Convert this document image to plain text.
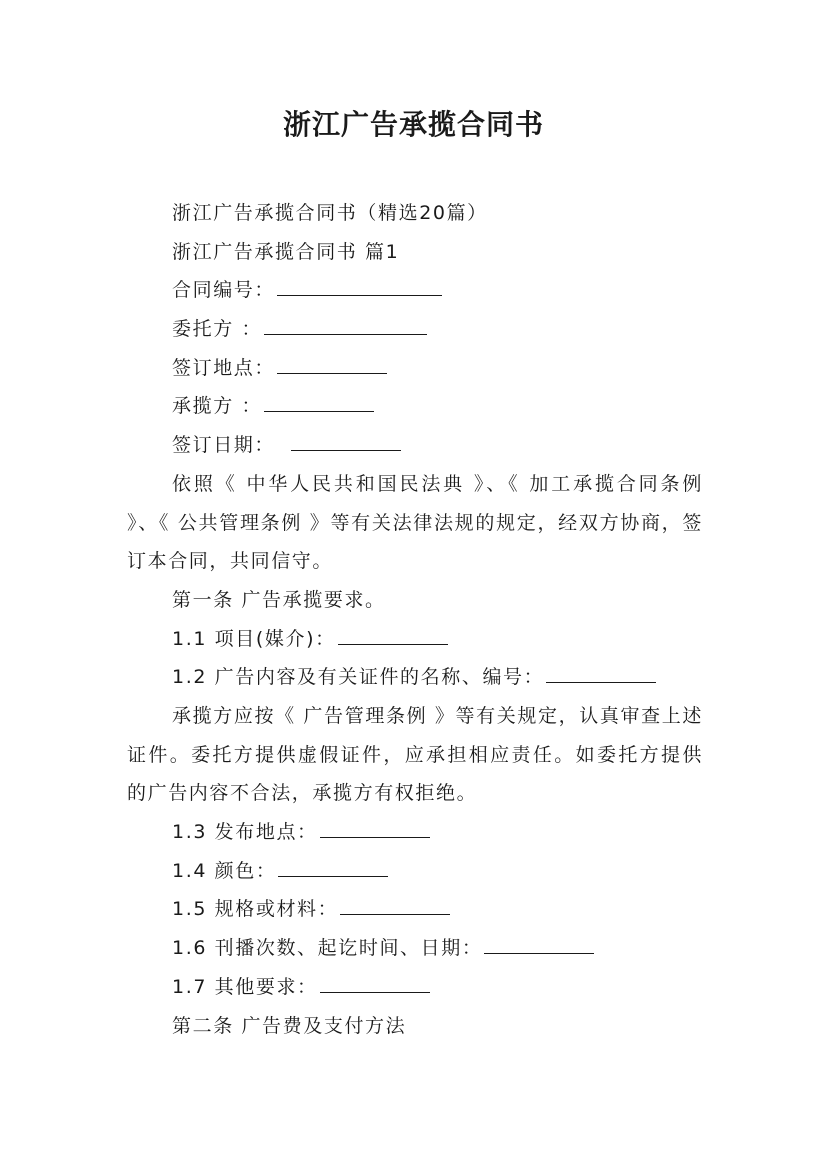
浙江广告承揽合同书
浙江广告承揽合同书（精选20篇）
浙江广告承揽合同书 篇1
合同编号：
委托方 ：
签订地点：
承揽方 ：
签订日期：

依照《 中华人民共和国民法典 》、《 加工承揽合同条例 》、《 公共管理条例 》等有关法律法规的规定，经双方协商，签订本合同，共同信守。

第一条 广告承揽要求。
1.1 项目(媒介)：
1.2 广告内容及有关证件的名称、编号：

承揽方应按《 广告管理条例 》等有关规定，认真审查上述证件。委托方提供虚假证件，应承担相应责任。如委托方提供的广告内容不合法，承揽方有权拒绝。

1.3 发布地点：
1.4 颜色：
1.5 规格或材料：
1.6 刊播次数、起讫时间、日期：
1.7 其他要求：
第二条 广告费及支付方法
